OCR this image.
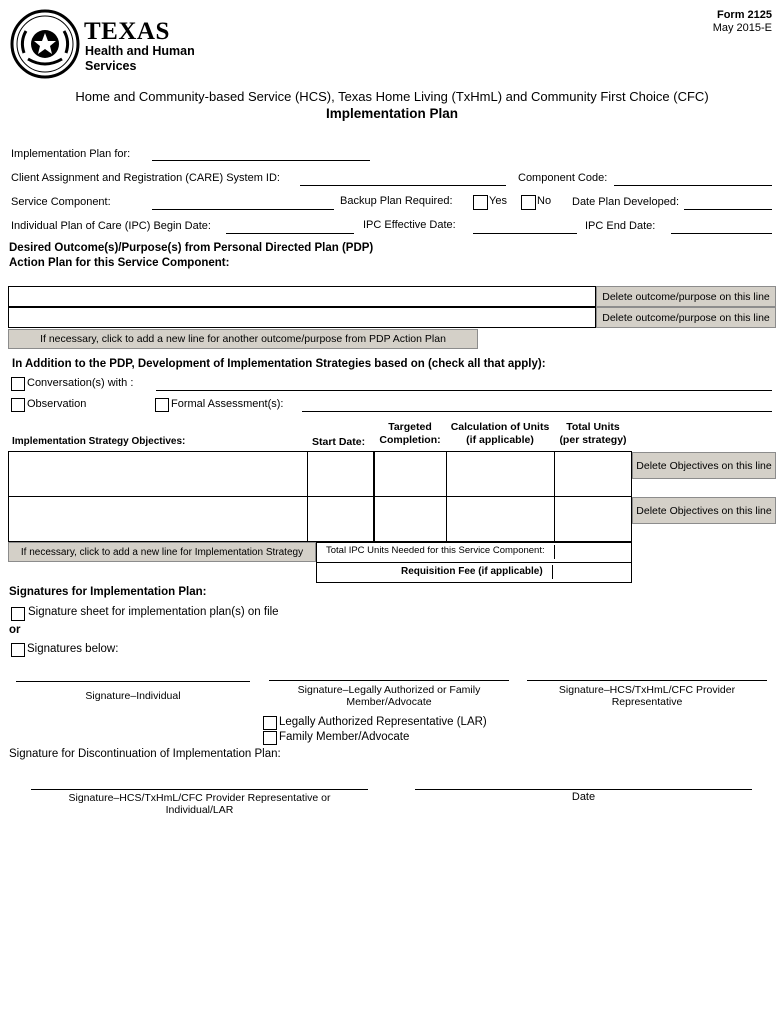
TEXAS
Health and Human
Services
Form 2125
May 2015-E
Home and Community-based Service (HCS), Texas Home Living (TxHmL) and Community First Choice (CFC)
Implementation Plan
Implementation Plan for:
Client Assignment and Registration (CARE) System ID:	Component Code:
Service Component:	Backup Plan Required:	Yes	No Date Plan Developed:
Individual Plan of Care (IPC) Begin Date:	IPC Effective Date:	IPC End Date:
Desired Outcome(s)/Purpose(s) from Personal Directed Plan (PDP)
Action Plan for this Service Component:
Delete outcome/purpose on this line
Delete outcome/purpose on this line
If necessary, click to add a new line for another outcome/purpose from PDP Action Plan
In Addition to the PDP, Development of Implementation Strategies based on (check all that apply):
Conversation(s) with :
Observation	Formal Assessment(s):
Implementation Strategy Objectives:	Start Date:
Targeted
Completion:
Calculation of Units
(if applicable)
Total Units
(per strategy)
Delete Objectives on this line
Delete Objectives on this line
If necessary, click to add a new line for Implementation Strategy	Total IPC Units Needed for this Service Component:
Requisition Fee (if applicable)
Signatures for Implementation Plan:
Signature sheet for implementation plan(s) on file
or
Signatures below:
Signature–Individual	Signature–Legally Authorized or Family
Member/Advocate
Signature–HCS/TxHmL/CFC Provider
Representative
Legally Authorized Representative (LAR)
Family Member/Advocate
Signature for Discontinuation of Implementation Plan:
Signature–HCS/TxHmL/CFC Provider Representative or
Individual/LAR
Date
